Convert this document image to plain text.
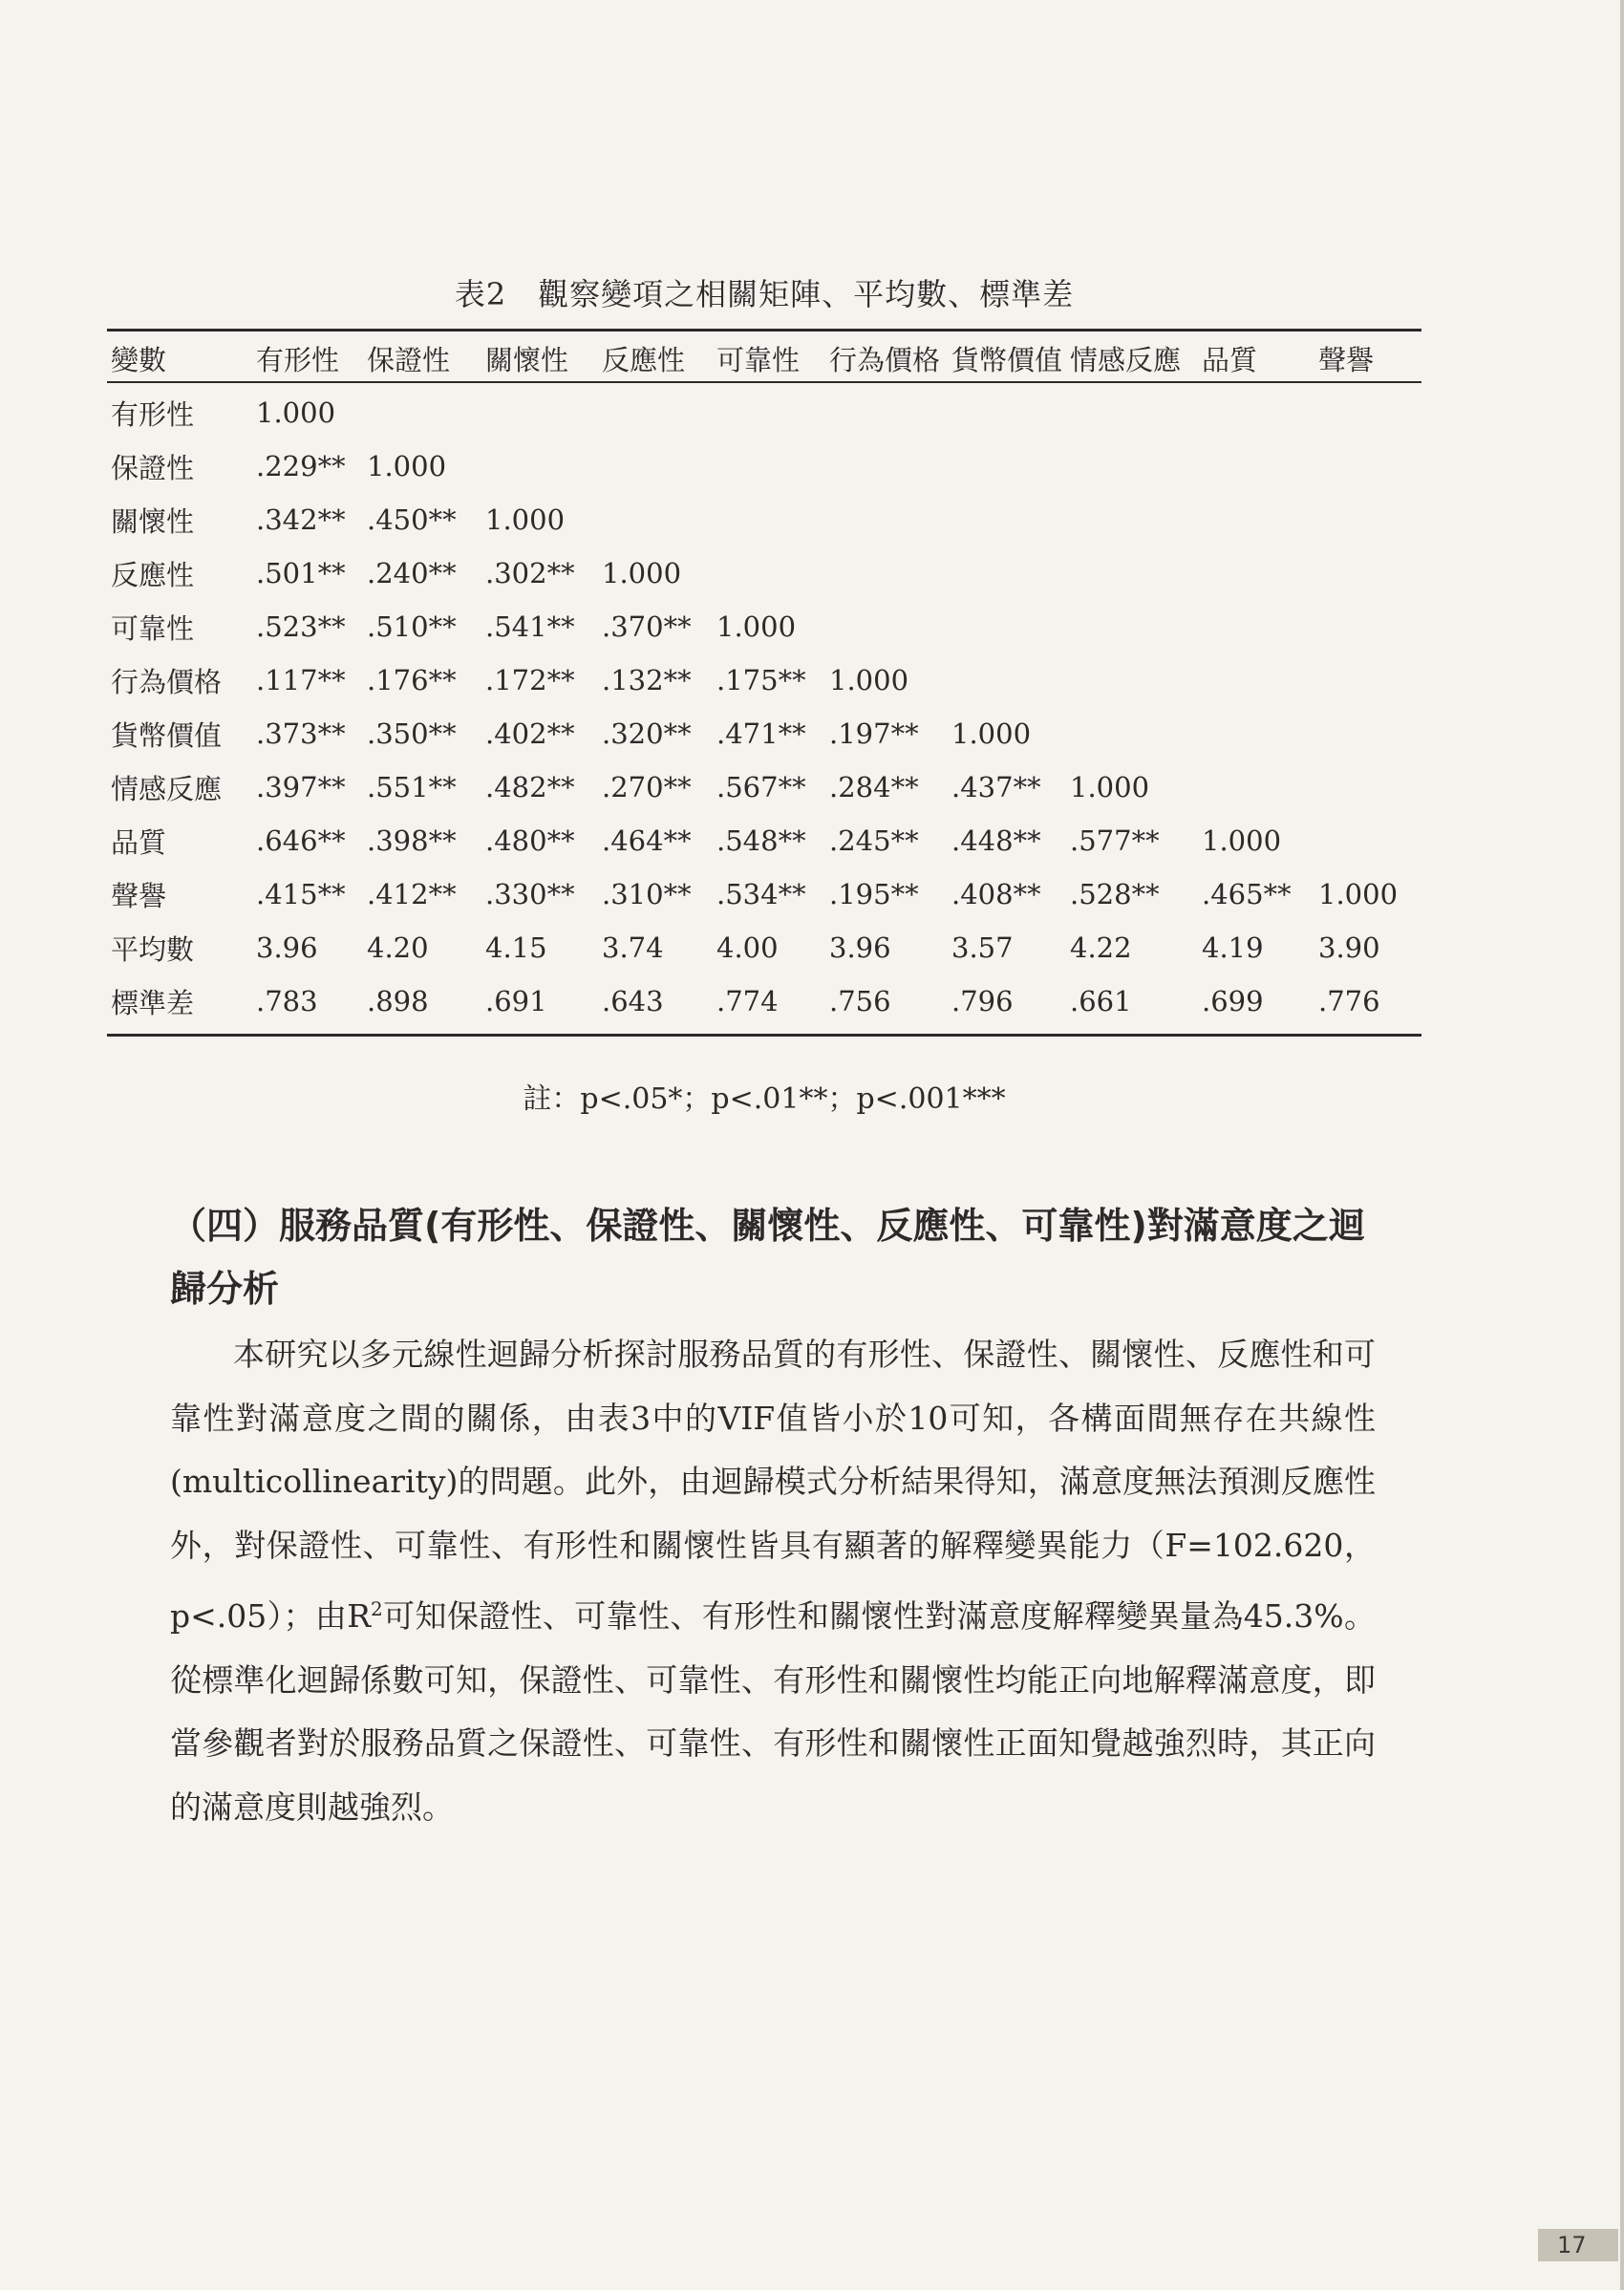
表2　觀察變項之相關矩陣、平均數、標準差
變數	有形性	保證性	關懷性	反應性	可靠性	行為價格	貨幣價值	情感反應	品質	聲譽
有形性	1.000									
保證性	.229**	1.000								
關懷性	.342**	.450**	1.000							
反應性	.501**	.240**	.302**	1.000						
可靠性	.523**	.510**	.541**	.370**	1.000					
行為價格	.117**	.176**	.172**	.132**	.175**	1.000				
貨幣價值	.373**	.350**	.402**	.320**	.471**	.197**	1.000			
情感反應	.397**	.551**	.482**	.270**	.567**	.284**	.437**	1.000		
品質	.646**	.398**	.480**	.464**	.548**	.245**	.448**	.577**	1.000	
聲譽	.415**	.412**	.330**	.310**	.534**	.195**	.408**	.528**	.465**	1.000
平均數	3.96	4.20	4.15	3.74	4.00	3.96	3.57	4.22	4.19	3.90
標準差	.783	.898	.691	.643	.774	.756	.796	.661	.699	.776
註：p<.05*；p<.01**；p<.001***
（四）服務品質(有形性、保證性、關懷性、反應性、可靠性)對滿意度之迴歸分析
本研究以多元線性迴歸分析探討服務品質的有形性、保證性、關懷性、反應性和可靠性對滿意度之間的關係，由表3中的VIF值皆小於10可知，各構面間無存在共線性(multicollinearity)的問題。此外，由迴歸模式分析結果得知，滿意度無法預測反應性外，對保證性、可靠性、有形性和關懷性皆具有顯著的解釋變異能力（F=102.620，p<.05）；由$R^2$可知保證性、可靠性、有形性和關懷性對滿意度解釋變異量為45.3%。從標準化迴歸係數可知，保證性、可靠性、有形性和關懷性均能正向地解釋滿意度，即當參觀者對於服務品質之保證性、可靠性、有形性和關懷性正面知覺越強烈時，其正向的滿意度則越強烈。
17
